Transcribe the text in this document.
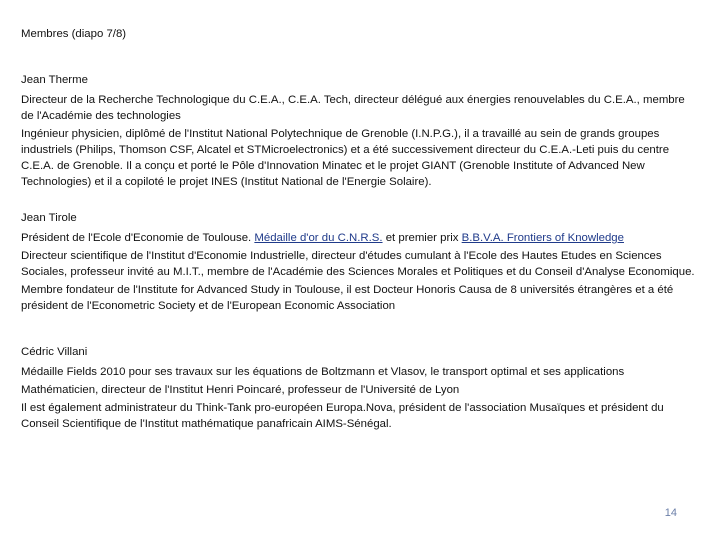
Membres (diapo 7/8)

Jean Therme

Directeur de la Recherche Technologique du C.E.A., C.E.A. Tech, directeur délégué aux énergies renouvelables du C.E.A., membre de l'Académie des technologies

Ingénieur physicien, diplômé de l'Institut National Polytechnique de Grenoble (I.N.P.G.), il a travaillé au sein de grands groupes industriels (Philips, Thomson CSF, Alcatel et STMicroelectronics) et a été successivement directeur du C.E.A.-Leti puis du centre C.E.A. de Grenoble. Il a conçu et porté le Pôle d'Innovation Minatec et le projet GIANT (Grenoble Institute of Advanced New Technologies) et il a copiloté le projet INES (Institut National de l'Energie Solaire).

Jean Tirole

Président de l'Ecole d'Economie de Toulouse. Médaille d'or du C.N.R.S. et premier prix B.B.V.A. Frontiers of Knowledge

Directeur scientifique de l'Institut d'Economie Industrielle, directeur d'études cumulant à l'Ecole des Hautes Etudes en Sciences Sociales, professeur invité au M.I.T., membre de l'Académie des Sciences Morales et Politiques et du Conseil d'Analyse Economique.

Membre fondateur de l'Institute for Advanced Study in Toulouse, il est Docteur Honoris Causa de 8 universités étrangères et a été président de l'Econometric Society et de l'European Economic Association

Cédric Villani

Médaille Fields 2010 pour ses travaux sur les équations de Boltzmann et Vlasov, le transport optimal et ses applications

Mathématicien, directeur de l'Institut Henri Poincaré, professeur de l'Université de Lyon

Il est également administrateur du Think-Tank pro-européen Europa.Nova, président de l'association Musaïques et président du Conseil Scientifique de l'Institut mathématique panafricain AIMS-Sénégal.

14
